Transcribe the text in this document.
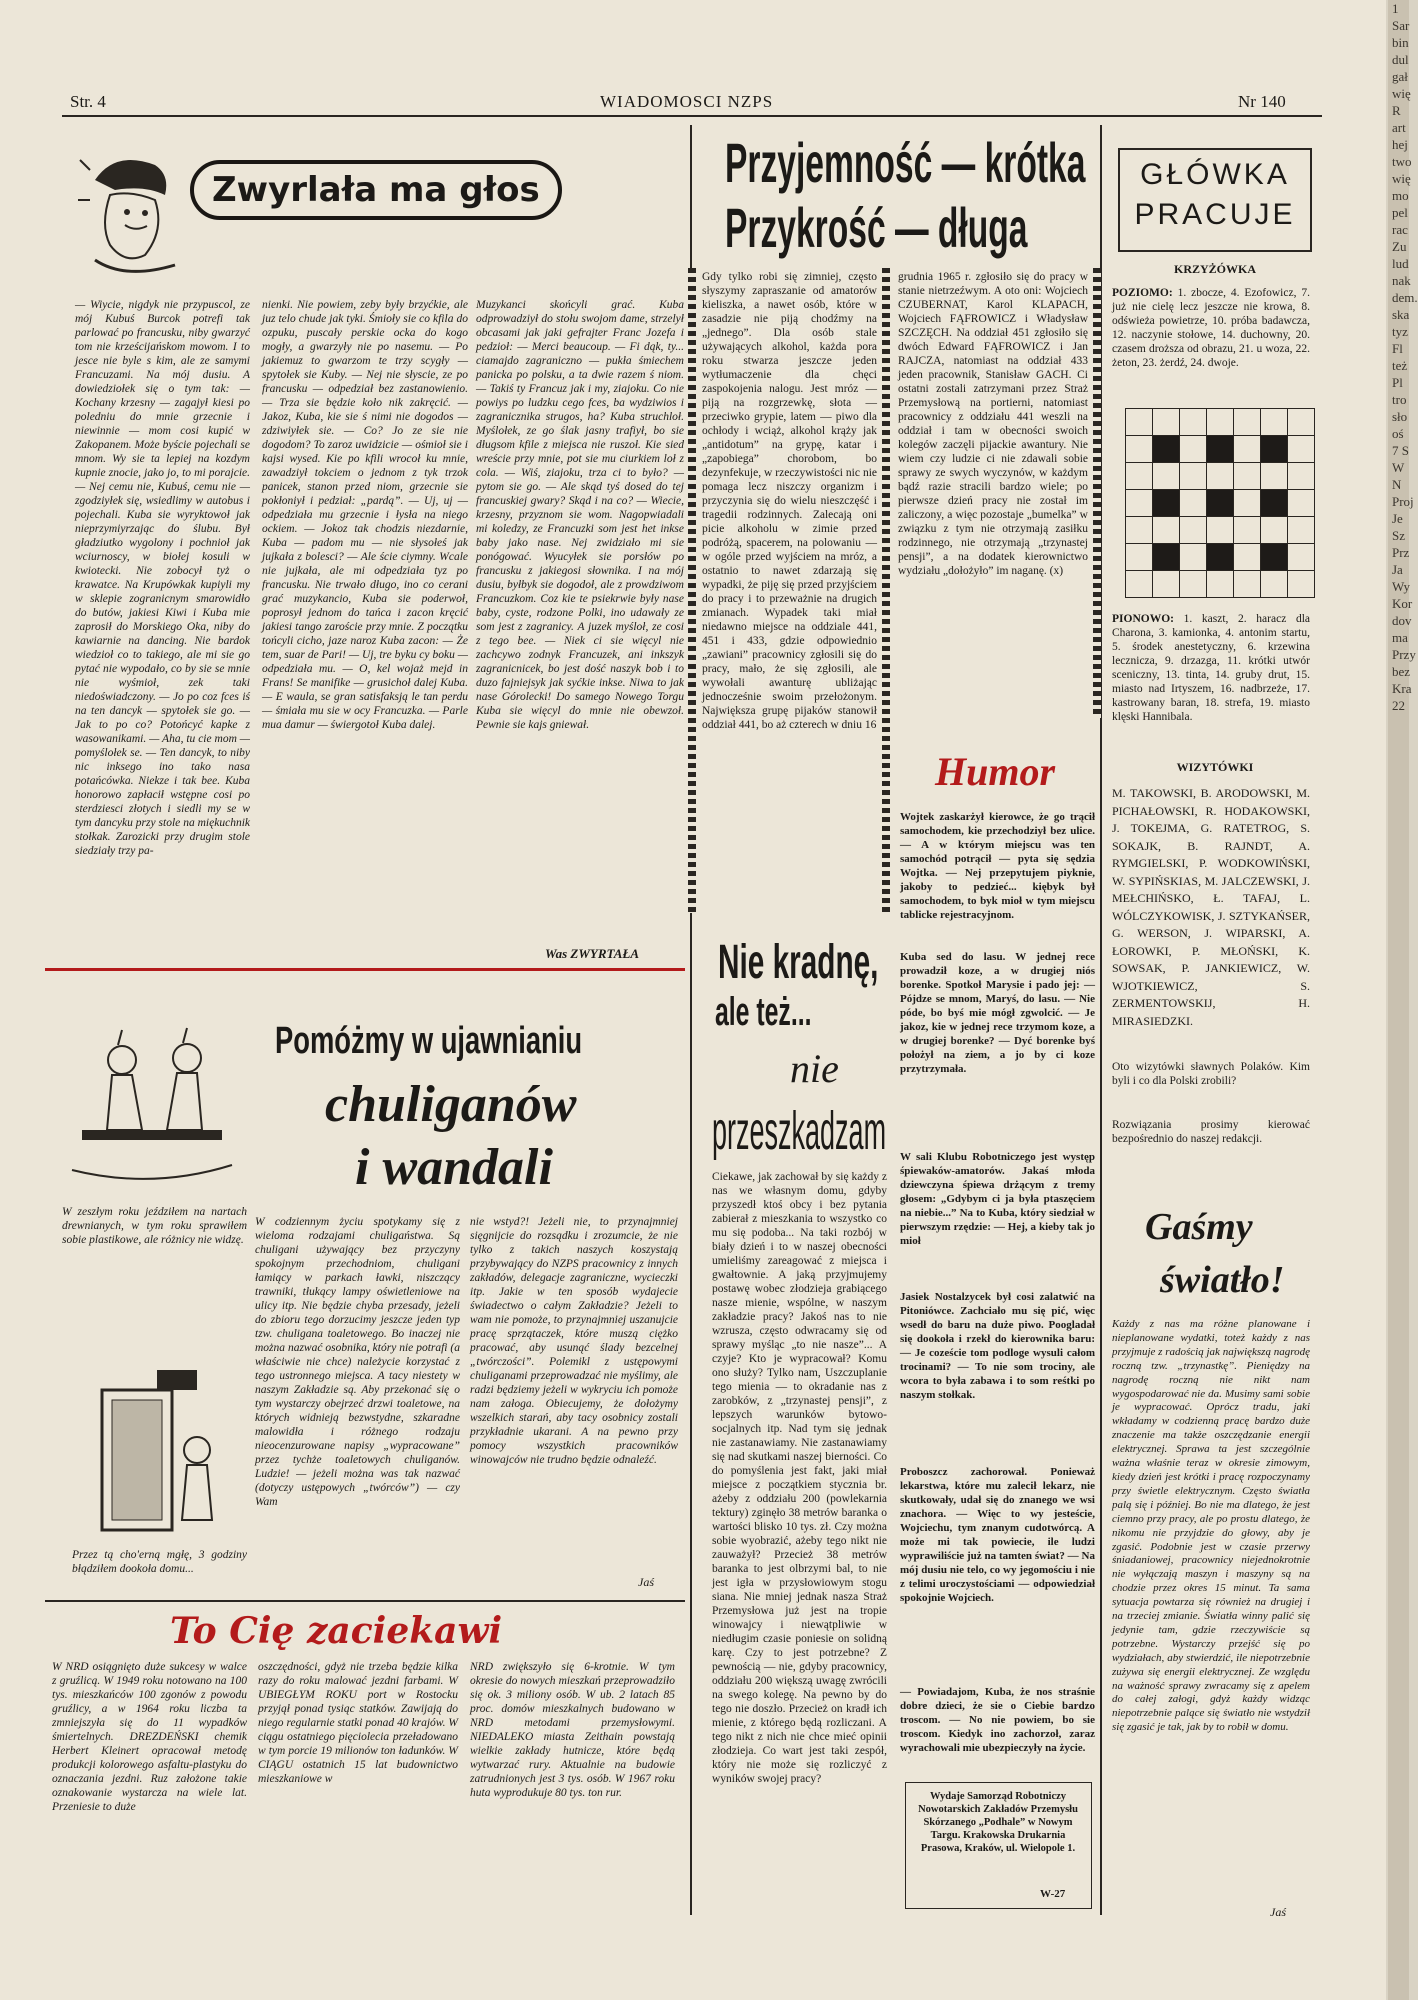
1 Sar bin dul gał wię R art hej two wię mo pel rac Zu lud nak dem. ska tyz Fl też Pl tro sło oś 7 S W N Proj Je Sz Prz Ja Wy Kor dov ma Przy bez Kra 22
Str. 4	WIADOMOSCI NZPS	Nr 140
Zwyrlała ma głos
— Wiycie, nigdyk nie przypuscol, ze mój Kubuś Burcok potrefi tak parlować po francusku, niby gwarzyć tom nie krześcijańskom mowom. I to jesce nie byle s kim, ale ze samymi Francuzami. Na mój dusiu. A dowiedziołek się o tym tak: — Kochany krzesny — zagajył kiesi po poledniu do mnie grzecnie i niewinnie — mom cosi kupić w Zakopanem. Może byście pojechali se mnom. Wy sie ta lepiej na kozdym kupnie znocie, jako jo, to mi porajcie. — Nej cemu nie, Kubuś, cemu nie — zgodziyłek się, wsiedlimy w autobus i pojechali. Kuba sie wyryktowoł jak nieprzymiyrzając do ślubu. Był gładziutko wygolony i pochnioł jak wciurnoscy, w biołej kosuli w kwiotecki. Nie zobocył tyż o krawatce. Na Krupówkak kupiyli my w sklepie zogranicnym smarowidło do butów, jakiesi Kiwi i Kuba mie zaprosił do Morskiego Oka, niby do kawiarnie na dancing. Nie bardok wiedzioł co to takiego, ale mi sie go pytać nie wypodało, co by sie se mnie nie wyśmioł, zek taki niedoświadczony. — Jo po coz fces iś na ten dancyk — spytołek sie go. — Jak to po co? Potońcyć kapke z wasowanikami. — Aha, tu cie mom — pomyślołek se. — Ten dancyk, to niby nic inksego ino tako nasa potańcówka. Niekze i tak bee. Kuba honorowo zapłacił wstępne cosi po sterdziesci złotych i siedli my se w tym dancyku przy stole na miękuchnik stołkak. Zarozicki przy drugim stole siedziały trzy pa-
nienki. Nie powiem, zeby były brzyćkie, ale juz telo chude jak tyki. Śmioły sie co kfila do ozpuku, puscały perskie ocka do kogo mogły, a gwarzyły nie po nasemu. — Po jakiemuz to gwarzom te trzy scygły — spytołek sie Kuby. — Nej nie słyscie, ze po francusku — odpedział bez zastanowienio. — Trza sie będzie koło nik zakręcić. — Jakoz, Kuba, kie sie ś nimi nie dogodos — zdziwiyłek sie. — Co? Jo ze sie nie dogodom? To zaroz uwidzicie — ośmioł sie i kajsi wysed. Kie po kfili wrocoł ku mnie, zawadziył tokciem o jednom z tyk trzok panicek, stanon przed niom, grzecnie sie pokłoniył i pedział: „pardą”. — Uj, uj — odpedziała mu grzecnie i łysła na niego ockiem. — Jokoz tak chodzis niezdarnie, Kuba — padom mu — nie słysołeś jak jujkała z bolesci? — Ale ście ciymny. Wcale nie jujkała, ale mi odpedziała tyz po francusku. Nie trwało długo, ino co cerani grać muzykancio, Kuba sie poderwoł, poprosył jednom do tańca i zacon kręcić jakiesi tango zaroście przy mnie. Z początku tońcyli cicho, jaze naroz Kuba zacon: — Że tem, suar de Pari! — Uj, tre byku cy boku — odpedziała mu. — O, kel wojaż mejd in Frans! Se manifike — grusichoł dalej Kuba. — E waula, se gran satisfaksją le tan perdu — śmiała mu sie w ocy Francuzka. — Parle mua damur — świergotoł Kuba dalej.
Muzykanci skońcyli grać. Kuba odprowadziył do stołu swojom dame, strzelył obcasami jak jaki gefrajter Franc Jozefa i pedzioł: — Merci beaucoup. — Fi dąk, ty... ciamajdo zagraniczno — pukła śmiechem panicka po polsku, a ta dwie razem ś niom. — Takiś ty Francuz jak i my, ziajoku. Co nie powiys po ludzku cego fces, ba wydziwios i zagranicznika strugos, ha? Kuba struchloł. Myślołek, ze go ślak jasny trafiył, bo sie długsom kfile z miejsca nie ruszoł. Kie sied wreście przy mnie, pot sie mu ciurkiem loł z cola. — Wiś, ziajoku, trza ci to było? — pytom sie go. — Ale skąd tyś dosed do tej francuskiej gwary? Skąd i na co? — Wiecie, krzesny, przyznom sie wom. Nagopwiadali mi koledzy, ze Francuzki som jest het inkse baby jako nase. Nej zwidziało mi sie ponógować. Wyucyłek sie porsłów po francusku z jakiegosi słownika. I na mój dusiu, byłbyk sie dogodoł, ale z prowdziwom Francuzkom. Coz kie te psiekrwie były nase baby, cyste, rodzone Polki, ino udawały ze som jest z zagranicy. A juzek myśloł, ze cosi z tego bee. — Niek ci sie więcyl nie zachcywo zodnyk Francuzek, ani inkszyk zagranicnicek, bo jest dość naszyk bob i to duzo fajniejsyk jak syćkie inkse. Niwa to jak nase Górolecki! Do samego Nowego Torgu Kuba sie więcyl do mnie nie obewzoł. Pewnie sie kajs gniewał.
Was ZWYRTAŁA
W zeszłym roku jeździłem na nartach drewnianych, w tym roku sprawiłem sobie plastikowe, ale różnicy nie widzę.
Przez tą cho'erną mgłę, 3 godziny błądziłem dookoła domu...
Pomóżmy w ujawnianiu
chuliganów
i wandali
W codziennym życiu spotykamy się z wieloma rodzajami chuligaństwa. Są chuligani używający bez przyczyny spokojnym przechodniom, chuligani łamiący w parkach ławki, niszczący trawniki, tłukący lampy oświetleniowe na ulicy itp. Nie będzie chyba przesady, jeżeli do zbioru tego dorzucimy jeszcze jeden typ tzw. chuligana toaletowego. Bo inaczej nie można nazwać osobnika, który nie potrafi (a właściwie nie chce) należycie korzystać z tego ustronnego miejsca. A tacy niestety w naszym Zakładzie są. Aby przekonać się o tym wystarczy obejrzeć drzwi toaletowe, na których widnieją bezwstydne, szkaradne malowidła i różnego rodzaju nieocenzurowane napisy „wypracowane” przez tychże toaletowych chuliganów. Ludzie! — jeżeli można was tak nazwać (dotyczy ustępowych „twórców”) — czy Wam
nie wstyd?! Jeżeli nie, to przynajmniej sięgnijcie do rozsądku i zrozumcie, że nie tylko z takich naszych koszystają przybywający do NZPS pracownicy z innych zakładów, delegacje zagraniczne, wycieczki itp. Jakie w ten sposób wydajecie świadectwo o całym Zakładzie? Jeżeli to wam nie pomoże, to przynajmniej uszanujcie pracę sprzątaczek, które muszą ciężko pracować, aby usunąć ślady bezcelnej „twórczości”. Polemikl z ustępowymi chuliganami przeprowadzać nie myślimy, ale radzi będziemy jeżeli w wykryciu ich pomoże nam załoga. Obiecujemy, że dołożymy wszelkich starań, aby tacy osobnicy zostali przykładnie ukarani. A na pewno przy pomocy wszystkich pracowników winowajców nie trudno będzie odnaleźć.
Jaś
To Cię zaciekawi
W NRD osiągnięto duże sukcesy w walce z gruźlicą. W 1949 roku notowano na 100 tys. mieszkańców 100 zgonów z powodu gruźlicy, a w 1964 roku liczba ta zmniejszyła się do 11 wypadków śmiertelnych. DREZDEŃSKI chemik Herbert Kleinert opracował metodę produkcji kolorowego asfaltu-plastyku do oznaczania jezdni. Ruz założone takie oznakowanie wystarcza na wiele lat. Przeniesie to duże
oszczędności, gdyż nie trzeba będzie kilka razy do roku malować jezdni farbami. W UBIEGŁYM ROKU port w Rostocku przyjął ponad tysiąc statków. Zawijają do niego regularnie statki ponad 40 krajów. W ciągu ostatniego pięciolecia przeładowano w tym porcie 19 milionów ton ładunków. W CIĄGU ostatnich 15 lat budownictwo mieszkaniowe w
NRD zwiększyło się 6-krotnie. W tym okresie do nowych mieszkań przeprowadziło się ok. 3 miliony osób. W ub. 2 latach 85 proc. domów mieszkalnych budowano w NRD metodami przemysłowymi. NIEDALEKO miasta Zeithain powstają wielkie zakłady hutnicze, które będą wytwarzać rury. Aktualnie na budowie zatrudnionych jest 3 tys. osób. W 1967 roku huta wyprodukuje 80 tys. ton rur.
Przyjemność — krótka
Przykrość — długa
Gdy tylko robi się zimniej, często słyszymy zapraszanie od amatorów kieliszka, a nawet osób, które w zasadzie nie piją chodźmy na „jednego”. Dla osób stale używających alkohol, każda pora roku stwarza jeszcze jeden wytłumaczenie dla chęci zaspokojenia nalogu. Jest mróz — piją na rozgrzewkę, słota — przeciwko grypie, latem — piwo dla ochłody i wciąż, alkohol krąży jak „antidotum” na grypę, katar i „zapobiega” chorobom, bo dezynfekuje, w rzeczywistości nic nie pomaga lecz niszczy organizm i przyczynia się do wielu nieszczęść i tragedii rodzinnych. Zalecają oni picie alkoholu w zimie przed podróżą, spacerem, na polowaniu — w ogóle przed wyjściem na mróz, a ostatnio to nawet zdarzają się wypadki, że piję się przed przyjściem do pracy i to przeważnie na drugich zmianach. Wypadek taki miał niedawno miejsce na oddziale 441, 451 i 433, gdzie odpowiednio „zawiani” pracownicy zgłosili się do pracy, mało, że się zgłosili, ale wywołali awanturę ubliżając jednocześnie swoim przełożonym. Największa grupę pijaków stanowił oddział 441, bo aż czterech w dniu 16
grudnia 1965 r. zgłosiło się do pracy w stanie nietrzeźwym. A oto oni: Wojciech CZUBERNAT, Karol KLAPACH, Wojciech FĄFROWICZ i Władysław SZCZĘCH. Na oddział 451 zgłosiło się dwóch Edward FĄFROWICZ i Jan RAJCZA, natomiast na oddział 433 jeden pracownik, Stanisław GACH. Ci ostatni zostali zatrzymani przez Straż Przemysłową na portierni, natomiast pracownicy z oddziału 441 weszli na oddział i tam w obecności swoich kolegów zaczęli pijackie awantury. Nie wiem czy ludzie ci nie zdawali sobie sprawy ze swych wyczynów, w każdym bądź razie stracili bardzo wiele; po pierwsze dzień pracy nie został im zaliczony, a więc pozostaje „bumelka” w związku z tym nie otrzymają zasiłku rodzinnego, nie otrzymają „trzynastej pensji”, a na dodatek kierownictwo wydziału „dołożyło” im naganę. (x)
Humor
Wojtek zaskarżył kierowce, że go trącił samochodem, kie przechodziył bez ulice. — A w kτórym miejscu was ten samochód potrącił — pyta się sędzia Wojtka. — Nej przepytujem piyknie, jakoby to pedzieć... kiębyk był samochodem, to byk mioł w tym miejscu tablicke rejestracyjnom.
Kuba sed do lasu. W jednej rece prowadził koze, a w drugiej niós borenke. Spotkoł Marysie i pado jej: — Pójdze se mnom, Maryś, do lasu. — Nie póde, bo byś mie mógł zgwolcić. — Je jakoz, kie w jednej rece trzymom koze, a w drugiej borenke? — Dyć borenke byś położył na ziem, a jo by ci koze przytrzymała.
W sali Klubu Robotniczego jest występ śpiewaków-amatorów. Jakaś młoda dziewczyna śpiewa drżącym z tremy głosem: „Gdybym ci ja była ptaszęciem na niebie...” Na to Kuba, który siedział w pierwszym rzędzie: — Hej, a kieby tak jo mioł
Jasiek Nostalzycek był cosi zalatwić na Pitoniówce. Zachciało mu się pić, więc wsedł do baru na duże piwo. Poogladał się dookoła i rzekł do kierownika baru: — Je cozeście tom podloge wysuli całom trocinami? — To nie som trociny, ale wcora to była zabawa i to som reśtki po naszym stołkak.
Proboszcz zachorował. Ponieważ lekarstwa, które mu zalecił lekarz, nie skutkowały, udał się do znanego we wsi znachora. — Więc to wy jesteście, Wojciechu, tym znanym cudotwórcą. A może mi tak powiecie, ile ludzi wyprawiliście już na tamten świat? — Na mój dusiu nie telo, co wy jegomościu i nie z telimi uroczystościami — odpowiedział spokojnie Wojciech.
— Powiadajom, Kuba, że nos straśnie dobre dzieci, że sie o Ciebie bardzo troscom. — No nie powiem, bo sie troscom. Kiedyk ino zachorzoł, zaraz wyrachowali mie ubezpieczyły na życie.
Wydaje Samorząd Robotniczy Nowotarskich Zakładów Przemysłu Skórzanego „Podhale” w Nowym Targu. Krakowska Drukarnia Prasowa, Kraków, ul. Wielopole 1.
W-27
Nie kradnę,
ale też...
nie
przeszkadzam
Ciekawe, jak zachował by się każdy z nas we własnym domu, gdyby przyszedł ktoś obcy i bez pytania zabierał z mieszkania to wszystko co mu się podoba... Na taki rozbój w biały dzień i to w naszej obecności umieliśmy zareagować z miejsca i gwałtownie. A jaką przyjmujemy postawę wobec złodzieja grabiącego nasze mienie, wspólne, w naszym zakładzie pracy? Jakoś nas to nie wzrusza, często odwracamy się od sprawy myśląc „to nie nasze”... A czyje? Kto je wypracował? Komu ono służy? Tylko nam, Uszczuplanie tego mienia — to okradanie nas z zarobków, z „trzynastej pensji”, z lepszych warunków bytowo-socjalnych itp. Nad tym się jednak nie zastanawiamy. Nie zastanawiamy się nad skutkami naszej bierności. Co do pomyślenia jest fakt, jaki miał miejsce z początkiem stycznia br. ażeby z oddziału 200 (powlekarnia tektury) zginęło 38 metrów baranka o wartości blisko 10 tys. zł. Czy można sobie wyobrazić, ażeby tego nikt nie zauważył? Przecież 38 metrów baranka to jest olbrzymi bal, to nie jest igła w przysłowiowym stogu siana. Nie mniej jednak nasza Straż Przemysłowa już jest na tropie winowajcy i niewątpliwie w niedługim czasie poniesie on solidną karę. Czy to jest potrzebne? Z pewnością — nie, gdyby pracownicy, oddziału 200 większą uwagę zwrócili na swego kolegę. Na pewno by do tego nie doszło. Przecież on kradł ich mienie, z którego będą rozliczani. A tego nikt z nich nie chce mieć opinii złodzieja. Co wart jest taki zespół, który nie może się rozliczyć z wyników swojej pracy?
GŁÓWKA
PRACUJE
KRZYŻÓWKA
POZIOMO: 1. zbocze, 4. Ezofowicz, 7. już nie cielę lecz jeszcze nie krowa, 8. odświeża powietrze, 10. próba badawcza, 12. naczynie stołowe, 14. duchowny, 20. czasem droższa od obrazu, 21. u woza, 22. żeton, 23. żerdź, 24. dwoje.

PIONOWO: 1. kaszt, 2. haracz dla Charona, 3. kamionka, 4. antonim startu, 5. środek anestetyczny, 6. krzewina lecznicza, 9. drzazga, 11. krótki utwór sceniczny, 13. tinta, 14. gruby drut, 15. miasto nad Irtyszem, 16. nadbrzeże, 17. kastrowany baran, 18. strefa, 19. miasto klęski Hannibala.
WIZYTÓWKI
M. TAKOWSKI, B. ARODOWSKI, M. PICHAŁOWSKI, R. HODAKOWSKI, J. TOKEJMA, G. RATETROG, S. SOKAJK, B. RAJNDT, A. RYMGIELSKI, P. WODKOWIŃSKI, W. SYPIŃSKIAS, M. JALCZEWSKI, J. MEŁCHIŃSKO, Ł. TAFAJ, L. WÓLCZYKOWISK, J. SZTYKAŃSER, G. WERSON, J. WIPARSKI, A. ŁOROWKI, P. MŁOŃSKI, K. SOWSAK, P. JANKIEWICZ, W. WJOTKIEWICZ, S. ZERMENTOWSKIJ, H. MIRASIEDZKI.
Oto wizytówki sławnych Polaków. Kim byli i co dla Polski zrobili?
Rozwiązania prosimy kierować bezpośrednio do naszej redakcji.
Gaśmy
światło!
Każdy z nas ma różne planowane i nieplanowane wydatki, toteż każdy z nas przyjmuje z radością jak największą nagrodę roczną tzw. „trzynastkę”. Pieniędzy na nagrodę roczną nie nikt nam wygospodarować nie da. Musimy sami sobie je wypracować. Oprócz tradu, jaki wkładamy w codzienną pracę bardzo duże znaczenie ma także oszczędzanie energii elektrycznej. Sprawa ta jest szczególnie ważna właśnie teraz w okresie zimowym, kiedy dzień jest krótki i pracę rozpoczynamy przy świetle elektrycznym. Często światła palą się i później. Bo nie ma dlatego, że jest ciemno przy pracy, ale po prostu dlatego, że nikomu nie przyjdzie do głowy, aby je zgasić. Podobnie jest w czasie przerwy śniadaniowej, pracownicy niejednokrotnie nie wyłączają maszyn i maszyny są na chodzie przez okres 15 minut. Ta sama sytuacja powtarza się również na drugiej i na trzeciej zmianie. Światła winny palić się jedynie tam, gdzie rzeczywiście są potrzebne. Wystarczy przejść się po wydziałach, aby stwierdzić, ile niepotrzebnie zużywa się energii elektrycznej. Ze względu na ważność sprawy zwracamy się z apelem do całej załogi, gdyż każdy widząc niepotrzebnie palące się światło nie wstydził się zgasić je tak, jak by to robił w domu.
Jaś
